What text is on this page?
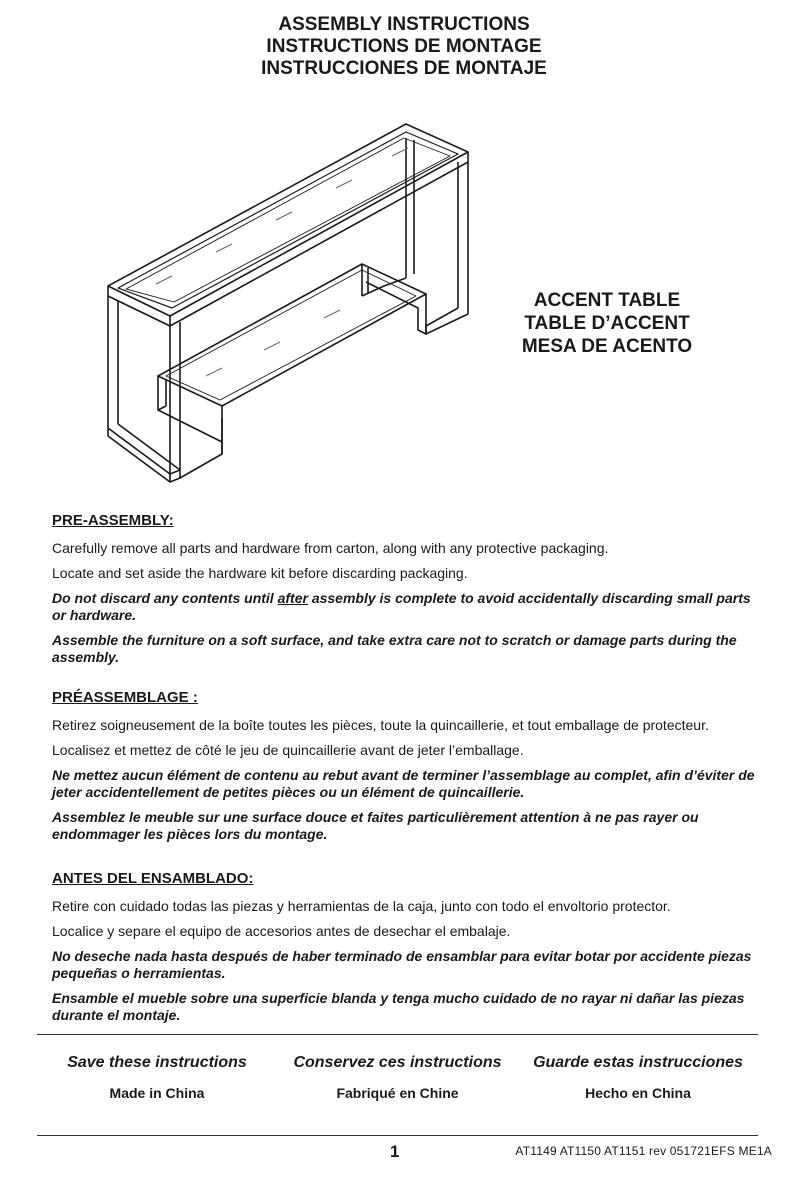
ASSEMBLY INSTRUCTIONS
INSTRUCTIONS DE MONTAGE
INSTRUCCIONES DE MONTAJE
ACCENT TABLE
TABLE D’ACCENT
MESA DE ACENTO
PRE-ASSEMBLY:

Carefully remove all parts and hardware from carton, along with any protective packaging.

Locate and set aside the hardware kit before discarding packaging.

Do not discard any contents until after assembly is complete to avoid accidentally discarding small parts or hardware.

Assemble the furniture on a soft surface, and take extra care not to scratch or damage parts during the assembly.

PRÉASSEMBLAGE :

Retirez soigneusement de la boîte toutes les pièces, toute la quincaillerie, et tout emballage de protecteur.

Localisez et mettez de côté le jeu de quincaillerie avant de jeter l’emballage.

Ne mettez aucun élément de contenu au rebut avant de terminer l’assemblage au complet, afin d’éviter de jeter accidentellement de petites pièces ou un élément de quincaillerie.

Assemblez le meuble sur une surface douce et faites particulièrement attention à ne pas rayer ou endommager les pièces lors du montage.

ANTES DEL ENSAMBLADO:

Retire con cuidado todas las piezas y herramientas de la caja, junto con todo el envoltorio protector.

Localice y separe el equipo de accesorios antes de desechar el embalaje.

No deseche nada hasta después de haber terminado de ensamblar para evitar botar por accidente piezas pequeñas o herramientas.

Ensamble el mueble sobre una superficie blanda y tenga mucho cuidado de no rayar ni dañar las piezas durante el montaje.

Save these instructions	Conservez ces instructions	Guarde estas instrucciones
Made in China	Fabriqué en Chine	Hecho en China
1	AT1149 AT1150 AT1151 rev 051721EFS ME1A
